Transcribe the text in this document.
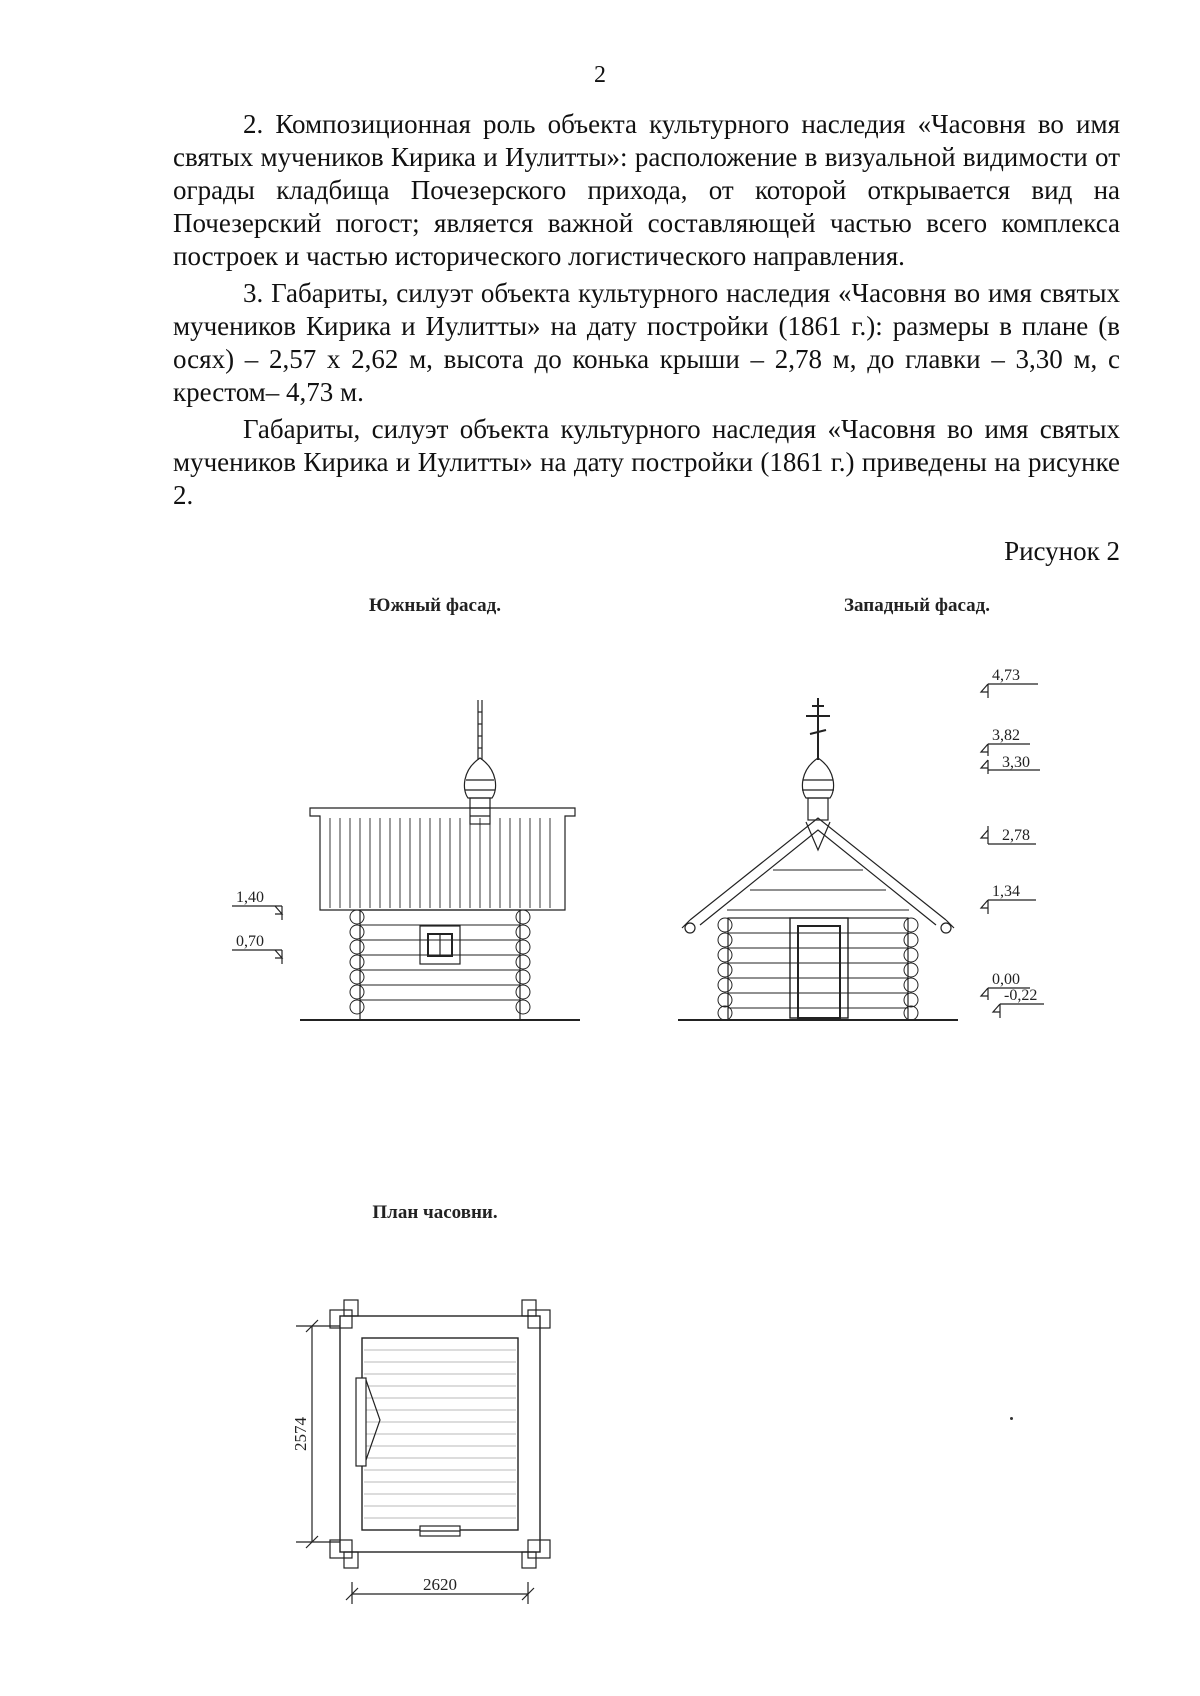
2

2. Композиционная роль объекта культурного наследия «Часовня во имя святых мучеников Кирика и Иулитты»: расположение в визуальной видимости от ограды кладбища Почезерского прихода, от которой открывается вид на Почезерский погост; является важной составляющей частью всего комплекса построек и частью исторического логистического направления.

3. Габариты, силуэт объекта культурного наследия «Часовня во имя святых мучеников Кирика и Иулитты» на дату постройки (1861 г.): размеры в плане (в осях) – 2,57 х 2,62 м, высота до конька крыши – 2,78 м, до главки – 3,30 м, с крестом– 4,73 м.

Габариты, силуэт объекта культурного наследия «Часовня во имя святых мучеников Кирика и Иулитты» на дату постройки (1861 г.) приведены на рисунке 2.

Рисунок 2
Южный фасад.	Западный фасад.
1,40
0,70
4,73
3,82
3,30
2,78
1,34
0,00
-0,22
План часовни.
2574
2620
